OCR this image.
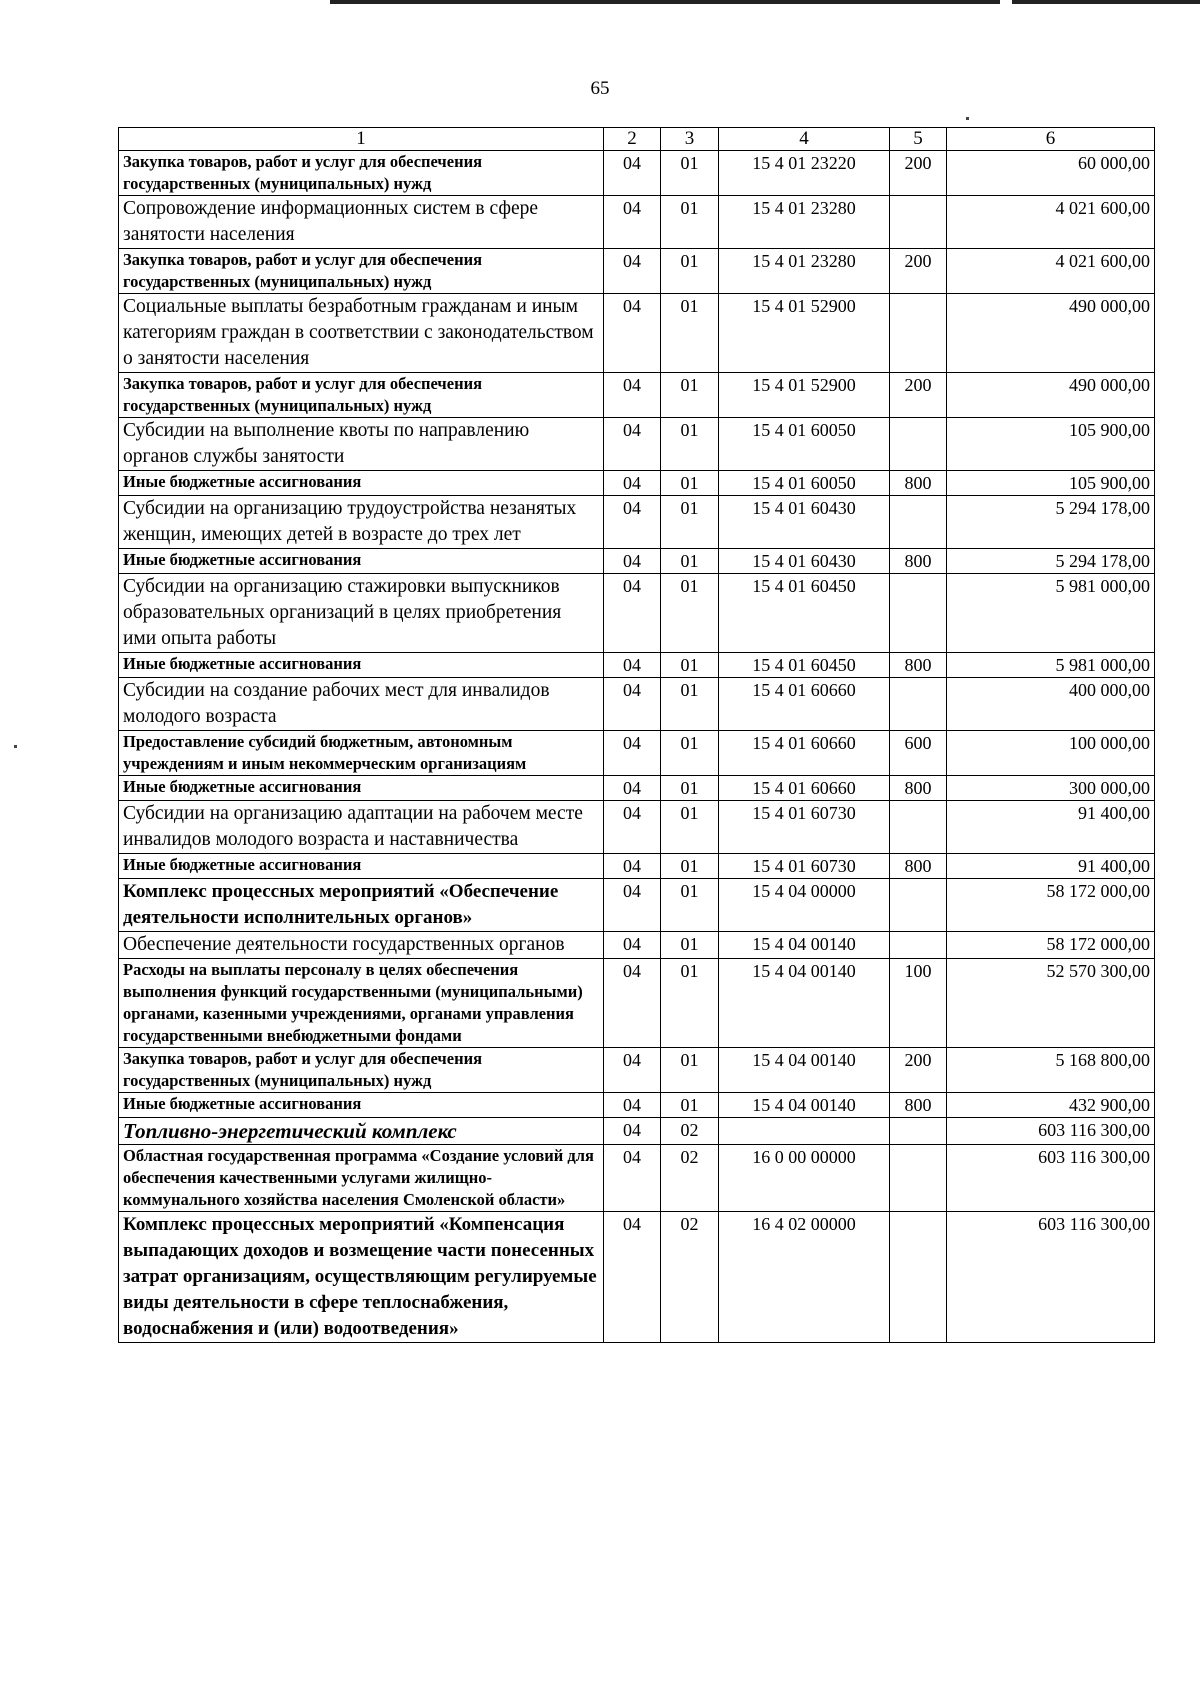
65
1	2	3	4	5	6
Закупка товаров, работ и услуг для обеспечения государственных (муниципальных) нужд	04	01	15 4 01 23220	200	60 000,00
Сопровождение информационных систем в сфере занятости населения	04	01	15 4 01 23280		4 021 600,00
Закупка товаров, работ и услуг для обеспечения государственных (муниципальных) нужд	04	01	15 4 01 23280	200	4 021 600,00
Социальные выплаты безработным гражданам и иным категориям граждан в соответствии с законодательством о занятости населения	04	01	15 4 01 52900		490 000,00
Закупка товаров, работ и услуг для обеспечения государственных (муниципальных) нужд	04	01	15 4 01 52900	200	490 000,00
Субсидии на выполнение квоты по направлению органов службы занятости	04	01	15 4 01 60050		105 900,00
Иные бюджетные ассигнования	04	01	15 4 01 60050	800	105 900,00
Субсидии на организацию трудоустройства незанятых женщин, имеющих детей в возрасте до трех лет	04	01	15 4 01 60430		5 294 178,00
Иные бюджетные ассигнования	04	01	15 4 01 60430	800	5 294 178,00
Субсидии на организацию стажировки выпускников образовательных организаций в целях приобретения ими опыта работы	04	01	15 4 01 60450		5 981 000,00
Иные бюджетные ассигнования	04	01	15 4 01 60450	800	5 981 000,00
Субсидии на создание рабочих мест для инвалидов молодого возраста	04	01	15 4 01 60660		400 000,00
Предоставление субсидий бюджетным, автономным учреждениям и иным некоммерческим организациям	04	01	15 4 01 60660	600	100 000,00
Иные бюджетные ассигнования	04	01	15 4 01 60660	800	300 000,00
Субсидии на организацию адаптации на рабочем месте инвалидов молодого возраста и наставничества	04	01	15 4 01 60730		91 400,00
Иные бюджетные ассигнования	04	01	15 4 01 60730	800	91 400,00
Комплекс процессных мероприятий «Обеспечение деятельности исполнительных органов»	04	01	15 4 04 00000		58 172 000,00
Обеспечение деятельности государственных органов	04	01	15 4 04 00140		58 172 000,00
Расходы на выплаты персоналу в целях обеспечения выполнения функций государственными (муниципальными) органами, казенными учреждениями, органами управления государственными внебюджетными фондами	04	01	15 4 04 00140	100	52 570 300,00
Закупка товаров, работ и услуг для обеспечения государственных (муниципальных) нужд	04	01	15 4 04 00140	200	5 168 800,00
Иные бюджетные ассигнования	04	01	15 4 04 00140	800	432 900,00
Топливно-энергетический комплекс	04	02			603 116 300,00
Областная государственная программа «Создание условий для обеспечения качественными услугами жилищно-коммунального хозяйства населения Смоленской области»	04	02	16 0 00 00000		603 116 300,00
Комплекс процессных мероприятий «Компенсация выпадающих доходов и возмещение части понесенных затрат организациям, осуществляющим регулируемые виды деятельности в сфере теплоснабжения, водоснабжения и (или) водоотведения»	04	02	16 4 02 00000		603 116 300,00
